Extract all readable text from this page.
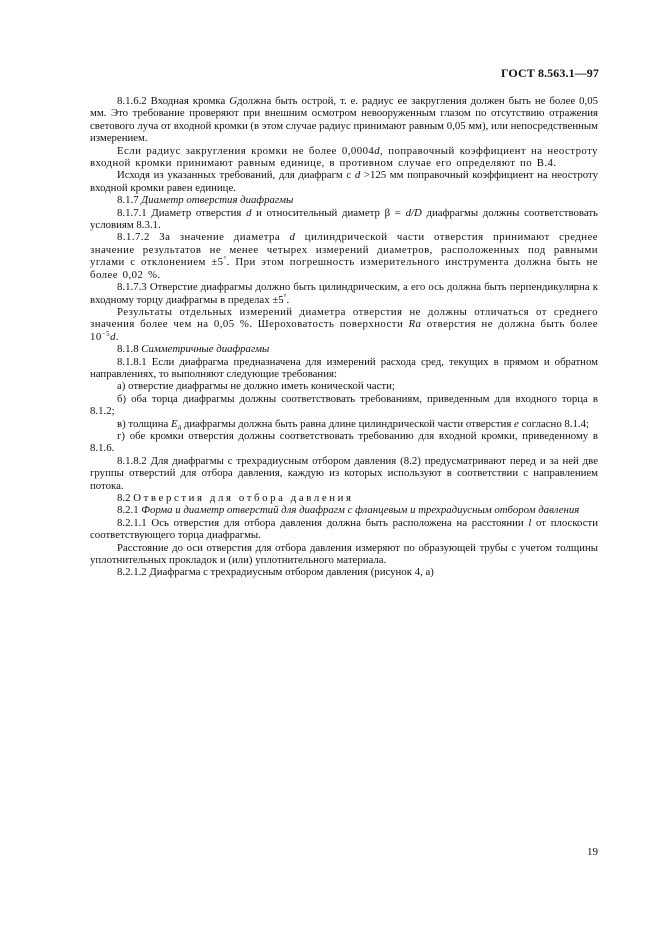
ГОСТ 8.563.1—97

8.1.6.2 Входная кромка Gдолжна быть острой, т. е. радиус ее закругления должен быть не более 0,05 мм. Это требование проверяют при внешним осмотром невооруженным глазом по отсутствию отражения светового луча от входной кромки (в этом случае радиус принимают равным 0,05 мм), или непосредственным измерением.

Если радиус закругления кромки не более 0,0004d, поправочный коэффициент на неостроту входной кромки принимают равным единице, в противном случае его определяют по В.4.

Исходя из указанных требований, для диафрагм с d >125 мм поправочный коэффициент на неостроту входной кромки равен единице.

8.1.7 Диаметр отверстия диафрагмы

8.1.7.1 Диаметр отверстия d и относительный диаметр β = d/D диафрагмы должны соответствовать условиям 8.3.1.

8.1.7.2 За значение диаметра d цилиндрической части отверстия принимают среднее значение результатов не менее четырех измерений диаметров, расположенных под равными углами с отклонением ±5°. При этом погрешность измерительного инструмента должна быть не более 0,02 %.

8.1.7.3 Отверстие диафрагмы должно быть цилиндрическим, а его ось должна быть перпендикулярна к входному торцу диафрагмы в пределах ±5°.

Результаты отдельных измерений диаметра отверстия не должны отличаться от среднего значения более чем на 0,05 %. Шероховатость поверхности Ra отверстия не должна быть более $10^{-5}d$.

8.1.8 Симметричные диафрагмы

8.1.8.1 Если диафрагма предназначена для измерений расхода сред, текущих в прямом и обратном направлениях, то выполняют следующие требования:

а) отверстие диафрагмы не должно иметь конической части;

б) оба торца диафрагмы должны соответствовать требованиям, приведенным для входного торца в 8.1.2;

в) толщина $E_д$ диафрагмы должна быть равна длине цилиндрической части отверстия е согласно 8.1.4;

г) обе кромки отверстия должны соответствовать требованию для входной кромки, приведенному в 8.1.6.

8.1.8.2 Для диафрагмы с трехрадиусным отбором давления (8.2) предусматривают перед и за ней две группы отверстий для отбора давления, каждую из которых используют в соответствии с направлением потока.

8.2 Отверстия для отбора давления

8.2.1 Форма и диаметр отверстий для диафрагм с фланцевым и трехрадиусным отбором давления

8.2.1.1 Ось отверстия для отбора давления должна быть расположена на расстоянии l от плоскости соответствующего торца диафрагмы.

Расстояние до оси отверстия для отбора давления измеряют по образующей трубы с учетом толщины уплотнительных прокладок и (или) уплотнительного материала.

8.2.1.2 Диафрагма с трехрадиусным отбором давления (рисунок 4, а)

19
